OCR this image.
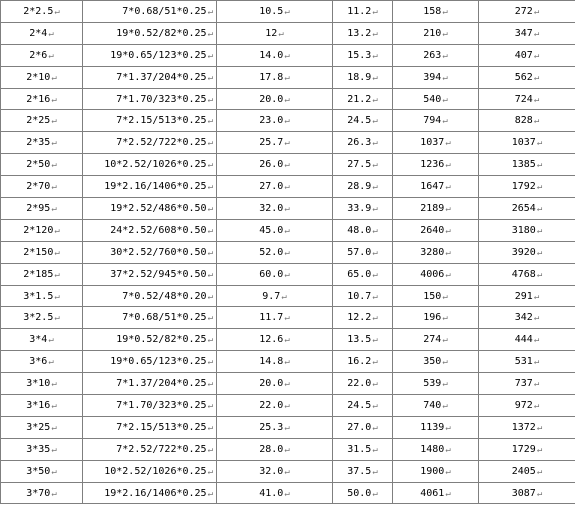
2*2.5↵	7*0.68/51*0.25↵	10.5↵	11.2↵	158↵	272↵
2*4↵	19*0.52/82*0.25↵	12↵	13.2↵	210↵	347↵
2*6↵	19*0.65/123*0.25↵	14.0↵	15.3↵	263↵	407↵
2*10↵	7*1.37/204*0.25↵	17.8↵	18.9↵	394↵	562↵
2*16↵	7*1.70/323*0.25↵	20.0↵	21.2↵	540↵	724↵
2*25↵	7*2.15/513*0.25↵	23.0↵	24.5↵	794↵	828↵
2*35↵	7*2.52/722*0.25↵	25.7↵	26.3↵	1037↵	1037↵
2*50↵	10*2.52/1026*0.25↵	26.0↵	27.5↵	1236↵	1385↵
2*70↵	19*2.16/1406*0.25↵	27.0↵	28.9↵	1647↵	1792↵
2*95↵	19*2.52/486*0.50↵	32.0↵	33.9↵	2189↵	2654↵
2*120↵	24*2.52/608*0.50↵	45.0↵	48.0↵	2640↵	3180↵
2*150↵	30*2.52/760*0.50↵	52.0↵	57.0↵	3280↵	3920↵
2*185↵	37*2.52/945*0.50↵	60.0↵	65.0↵	4006↵	4768↵
3*1.5↵	7*0.52/48*0.20↵	9.7↵	10.7↵	150↵	291↵
3*2.5↵	7*0.68/51*0.25↵	11.7↵	12.2↵	196↵	342↵
3*4↵	19*0.52/82*0.25↵	12.6↵	13.5↵	274↵	444↵
3*6↵	19*0.65/123*0.25↵	14.8↵	16.2↵	350↵	531↵
3*10↵	7*1.37/204*0.25↵	20.0↵	22.0↵	539↵	737↵
3*16↵	7*1.70/323*0.25↵	22.0↵	24.5↵	740↵	972↵
3*25↵	7*2.15/513*0.25↵	25.3↵	27.0↵	1139↵	1372↵
3*35↵	7*2.52/722*0.25↵	28.0↵	31.5↵	1480↵	1729↵
3*50↵	10*2.52/1026*0.25↵	32.0↵	37.5↵	1900↵	2405↵
3*70↵	19*2.16/1406*0.25↵	41.0↵	50.0↵	4061↵	3087↵
